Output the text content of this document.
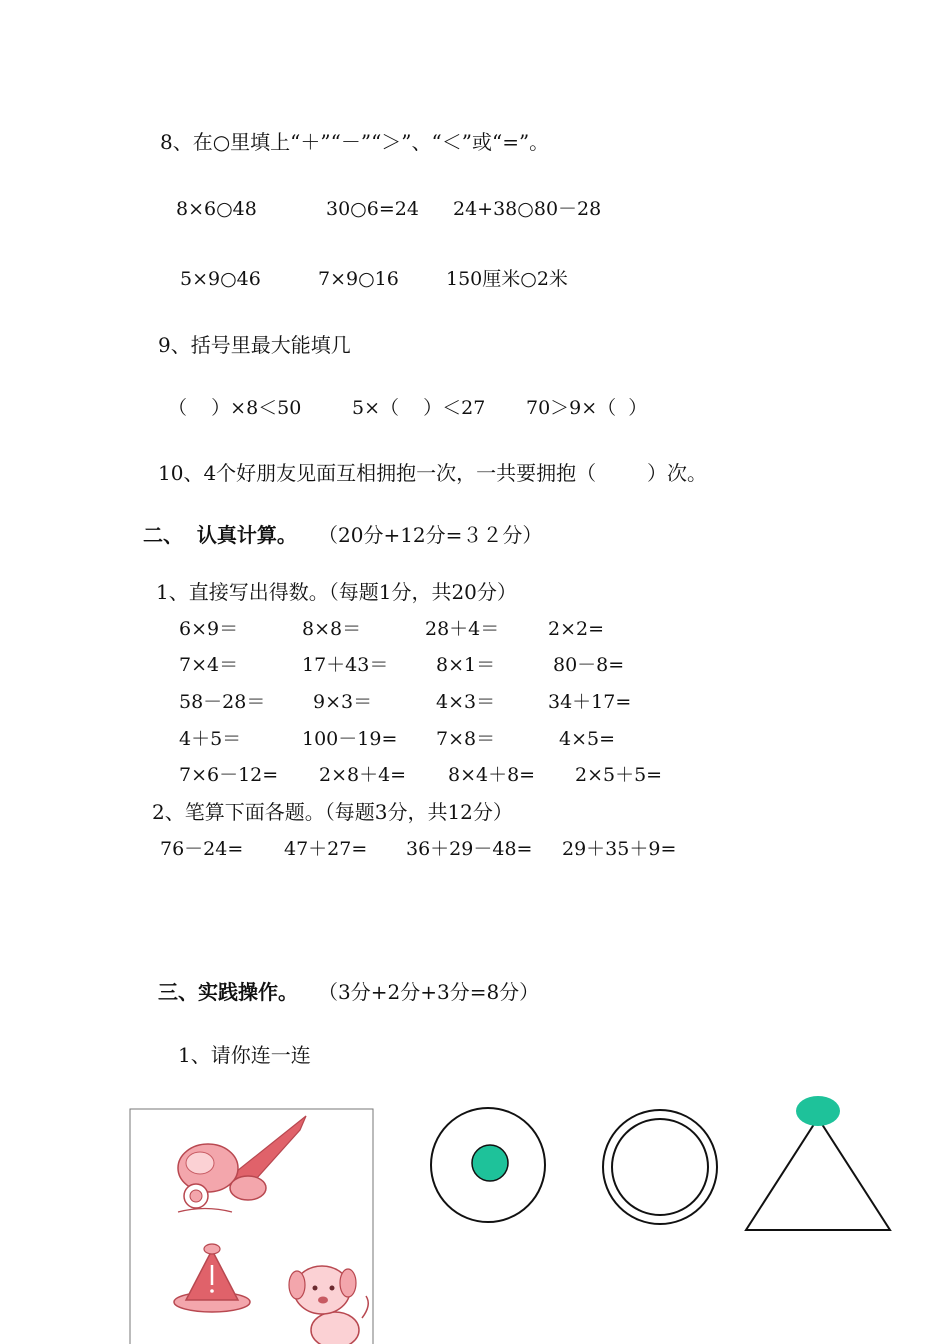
8、在○里填上“＋”“－”“＞”、“＜”或“=”。
8×6○48	30○6=24 24+38○80－28
5×9○46	7×9○16 150厘米○2米
9、括号里最大能填几
（    ）×8＜50	5×（    ）＜27 70＞9×（  ）
10、4个好朋友见面互相拥抱一次，一共要拥抱（        ）次。
二、  认真计算。 （20分+12分=３２分）
1、直接写出得数。（每题1分，共20分）
6×9＝	8×8＝	28＋4＝	2×2=
7×4＝	17＋43＝	8×1＝	80－8=
58－28＝	9×3＝	4×3＝	34＋17=
4＋5＝	100－19= 7×8＝	4×5=
7×6－12= 2×8＋4= 8×4＋8= 2×5＋5=
2、笔算下面各题。（每题3分，共12分）
76－24= 47＋27= 36＋29－48= 29＋35＋9=
三、实践操作。 （3分+2分+3分=8分）
1、请你连一连
